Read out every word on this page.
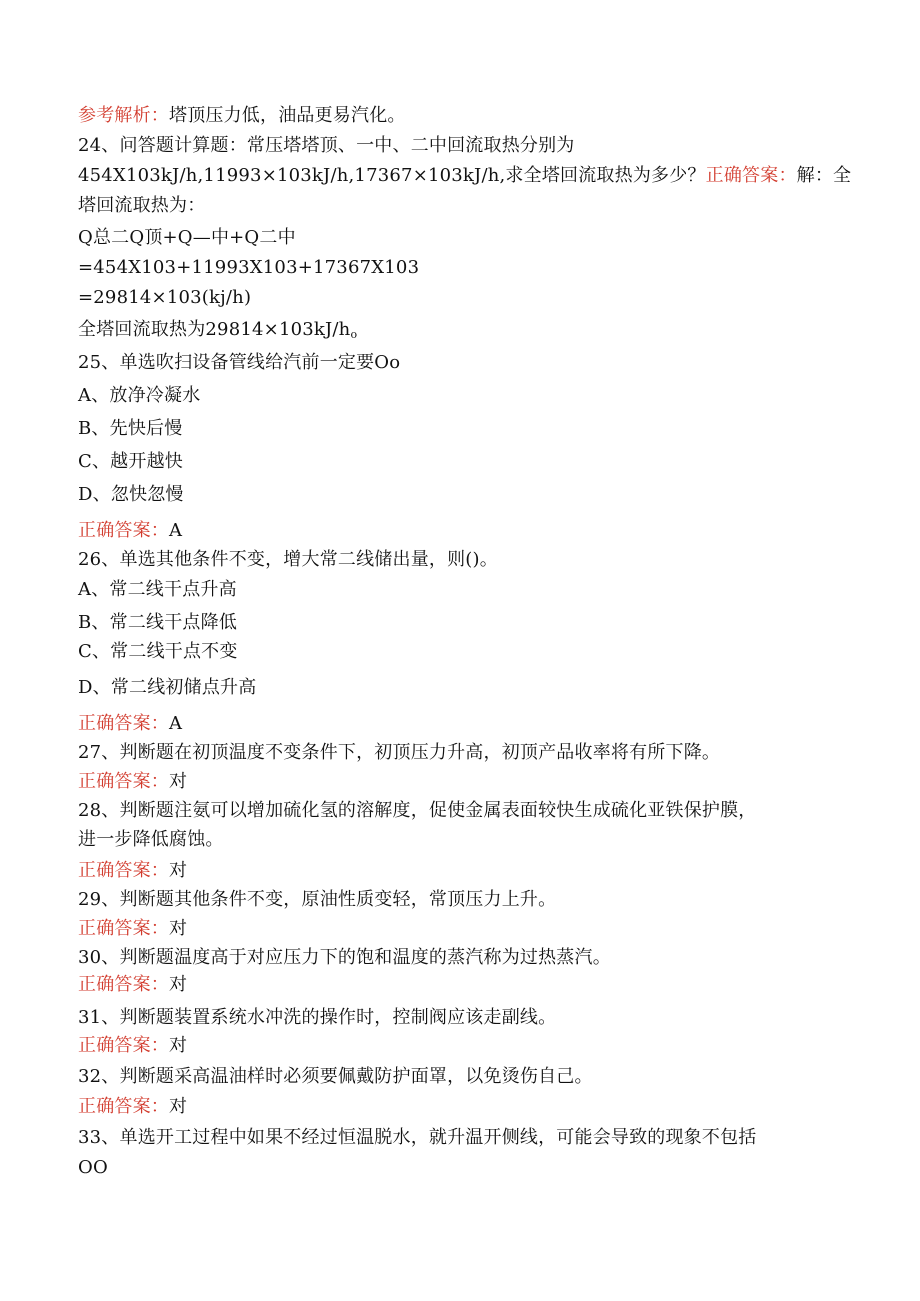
参考解析：塔顶压力低，油品更易汽化。
24、问答题计算题：常压塔塔顶、一中、二中回流取热分别为
454X103kJ/h,11993×103kJ/h,17367×103kJ/h,求全塔回流取热为多少？正确答案：解：全
塔回流取热为：
Q总二Q顶+Q—中+Q二中
=454X103+11993X103+17367X103
=29814×103(kj/h)
全塔回流取热为$29814\times 103kJ/h_o$
25、单选吹扫设备管线给汽前一定要Oo
A、放净冷凝水
B、先快后慢
C、越开越快
D、忽快忽慢
正确答案：A
26、单选其他条件不变，增大常二线储出量，则()。
A、常二线干点升高
B、常二线干点降低
C、常二线干点不变
D、常二线初储点升高
正确答案：A
27、判断题在初顶温度不变条件下，初顶压力升高，初顶产品收率将有所下降。
正确答案：对
28、判断题注氨可以增加硫化氢的溶解度，促使金属表面较快生成硫化亚铁保护膜，
进一步降低腐蚀。
正确答案：对
29、判断题其他条件不变，原油性质变轻，常顶压力上升。
正确答案：对
30、判断题温度高于对应压力下的饱和温度的蒸汽称为过热蒸汽。
正确答案：对
31、判断题装置系统水冲洗的操作时，控制阀应该走副线。
正确答案：对
32、判断题采高温油样时必须要佩戴防护面罩，以免烫伤自己。
正确答案：对
33、单选开工过程中如果不经过恒温脱水，就升温开侧线，可能会导致的现象不包括
OO
